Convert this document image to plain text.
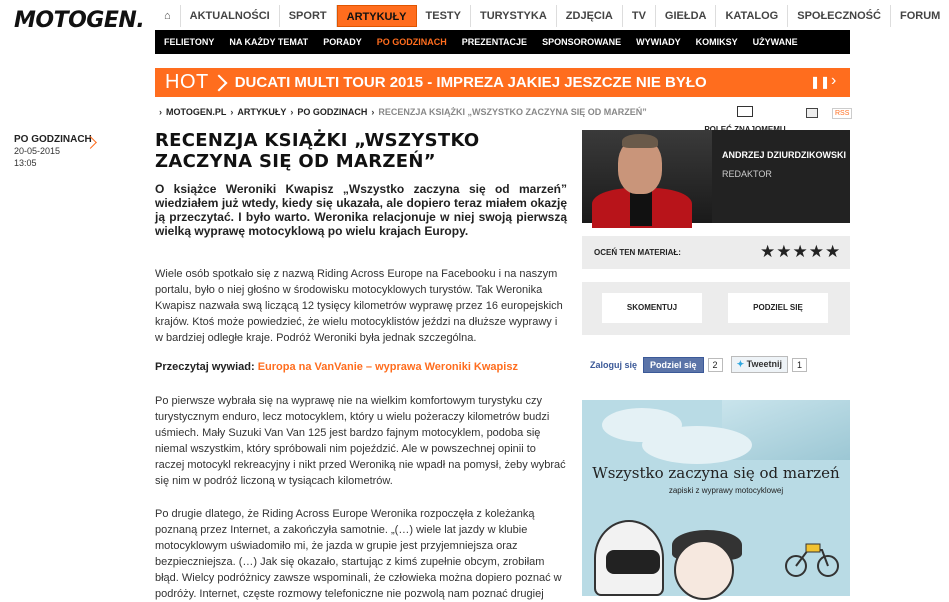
MOTOGEN.	⌂	AKTUALNOŚCI	SPORT	ARTYKUŁY	TESTY	TURYSTYKA	ZDJĘCIA	TV	GIEŁDA	KATALOG	SPOŁECZNOŚĆ	FORUM
FELIETONY	NA KAŻDY TEMAT	PORADY	PO GODZINACH	PREZENTACJE	SPONSOROWANE	WYWIADY	KOMIKSY	UŻYWANE
HOT DUCATI MULTI TOUR 2015 - IMPREZA JAKIEJ JESZCZE NIE BYŁO	❚❚ ›
› MOTOGEN.PL › ARTYKUŁY › PO GODZINACH › RECENZJA KSIĄŻKI „WSZYSTKO ZACZYNA SIĘ OD MARZEŃ”	RSS
PO GODZINACH
20-05-2015
13:05
RECENZJA KSIĄŻKI „WSZYSTKO ZACZYNA SIĘ OD MARZEŃ”
O książce Weroniki Kwapisz „Wszystko zaczyna się od marzeń” wiedziałem już wtedy, kiedy się ukazała, ale dopiero teraz miałem okazję ją przeczytać. I było warto. Weronika relacjonuje w niej swoją pierwszą wielką wyprawę motocyklową po wielu krajach Europy.

Wiele osób spotkało się z nazwą Riding Across Europe na Facebooku i na naszym portalu, było o niej głośno w środowisku motocyklowych turystów. Tak Weronika Kwapisz nazwała swą liczącą 12 tysięcy kilometrów wyprawę przez 16 europejskich krajów. Ktoś może powiedzieć, że wielu motocyklistów jeździ na dłuższe wyprawy i w bardziej odległe kraje. Podróż Weroniki była jednak szczególna.

Przeczytaj wywiad: Europa na VanVanie – wyprawa Weroniki Kwapisz

Po pierwsze wybrała się na wyprawę nie na wielkim komfortowym turystyku czy turystycznym enduro, lecz motocyklem, który u wielu pożeraczy kilometrów budzi uśmiech. Mały Suzuki Van Van 125 jest bardzo fajnym motocyklem, podoba się niemal wszystkim, który spróbowali nim pojeździć. Ale w powszechnej opinii to raczej motocykl rekreacyjny i nikt przed Weroniką nie wpadł na pomysł, żeby wybrać się nim w podróż liczoną w tysiącach kilometrów.

Po drugie dlatego, że Riding Across Europe Weronika rozpoczęła z koleżanką poznaną przez Internet, a zakończyła samotnie. „(…) wiele lat jazdy w klubie motocyklowym uświadomiło mi, że jazda w grupie jest przyjemniejsza oraz bezpieczniejsza. (…) Jak się okazało, startując z kimś zupełnie obcym, zrobiłam błąd. Wielcy podróżnicy zawsze wspominali, że człowieka można dopiero poznać w podróży. Internet, częste rozmowy telefoniczne nie pozwolą nam poznać drugiej

ANDRZEJ DZIURDZIKOWSKI
REDAKTOR
OCEŃ TEN MATERIAŁ:	★ ★ ★ ★ ★
SKOMENTUJ	PODZIEL SIĘ
Zaloguj się	Podziel się	2	✦ Tweetnij	1
Wszystko zaczyna się od marzeń
zapiski z wyprawy motocyklowej
